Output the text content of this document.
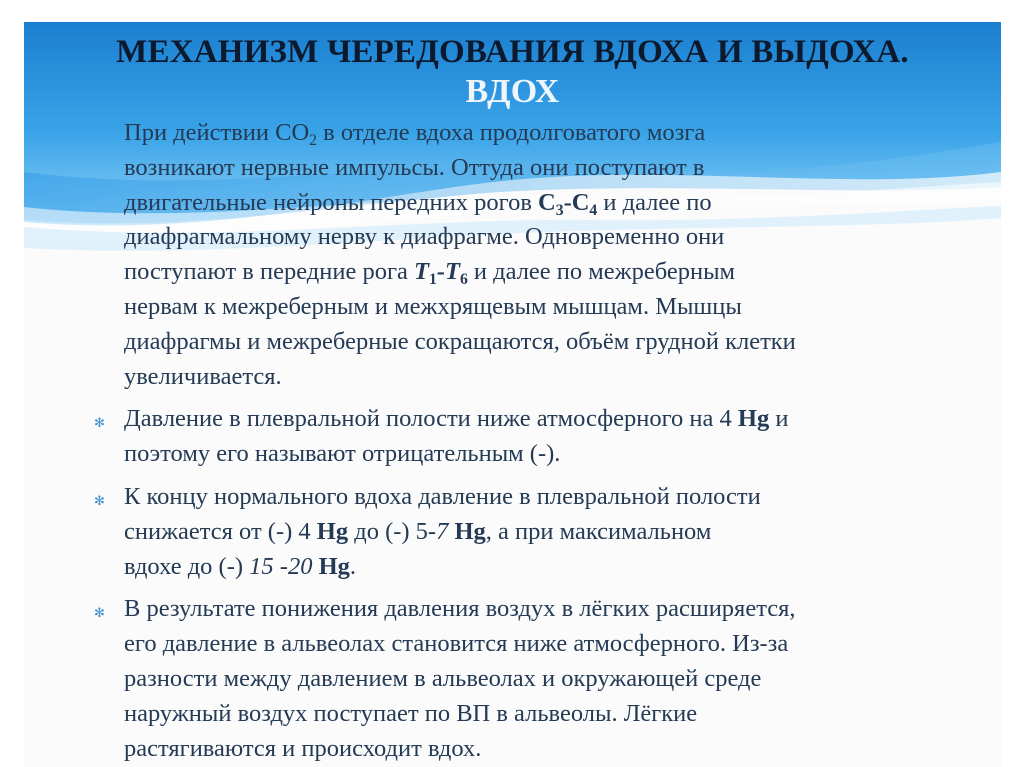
МЕХАНИЗМ ЧЕРЕДОВАНИЯ ВДОХА И ВЫДОХА.
ВДОХ
При действии $СО_2$ в отделе вдоха продолговатого мозга
возникают нервные импульсы. Оттуда они поступают в
двигательные нейроны передних рогов $С_3-С_4$ и далее по
диафрагмальному нерву к диафрагме. Одновременно они
поступают в передние рога $T_1-T_6$ и далее по межреберным
нервам к межреберным и межхрящевым мышцам. Мышцы
диафрагмы и межреберные сокращаются, объём грудной клетки
увеличивается.
✻ Давление в плевральной полости ниже атмосферного на 4 Hg и
поэтому его называют отрицательным (-).
✻ К концу нормального вдоха давление в плевральной полости
снижается от (-) 4 Hg до (-) 5-7 Hg, а при максимальном
вдохе до (-) 15 -20 Hg.
✻ В результате понижения давления воздух в лёгких расширяется,
его давление в альвеолах становится ниже атмосферного. Из-за
разности между давлением в альвеолах и окружающей среде
наружный воздух поступает по ВП в альвеолы. Лёгкие
растягиваются и происходит вдох.
